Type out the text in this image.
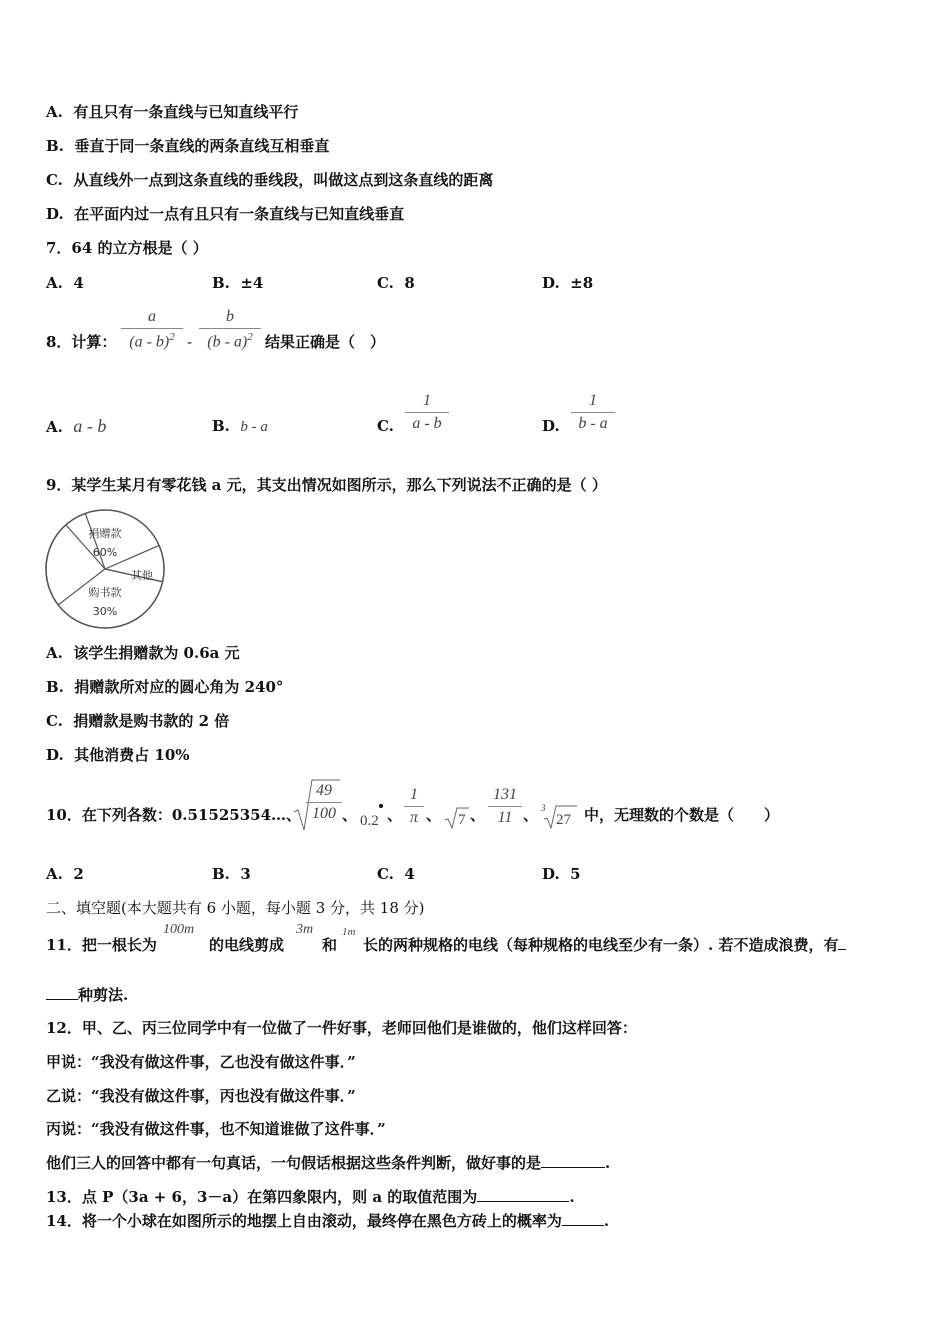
A. 有且只有一条直线与已知直线平行
B. 垂直于同一条直线的两条直线互相垂直
C. 从直线外一点到这条直线的垂线段，叫做这点到这条直线的距离
D. 在平面内过一点有且只有一条直线与已知直线垂直
7．64 的立方根是（ ）
A. 4	B. ±4	C. 8	D. ±8
8．计算： $\frac{a}{(a - b)^2} - \frac{b}{(b - a)^2}$ 结果正确是（　）
A. a - b	B. b - a	C. $\frac{1}{a - b}$	D. $\frac{1}{b - a}$
9．某学生某月有零花钱 a 元，其支出情况如图所示，那么下列说法不正确的是（ ）
捐赠款
60%
购书款
30%
其他
A. 该学生捐赠款为 0.6a 元
B. 捐赠款所对应的圆心角为 240°
C. 捐赠款是购书款的 2 倍
D. 其他消费占 10%
10．在下列各数：0.51525354…、 $\frac{49}{100}$ 、 0.2 、 $\frac{1}{\pi}$ 、 7 、 $\frac{131}{11}$ 、 3
27 中，无理数的个数是（　　）
A. 2	B. 3	C. 4	D. 5
二、填空题(本大题共有 6 小题，每小题 3 分，共 18 分)
11．把一根长为
100m
的电线剪成
3m
和
1m
长的两种规格的电线（每种规格的电线至少有一条）. 若不造成浪费，有
种剪法.
12．甲、乙、丙三位同学中有一位做了一件好事，老师回他们是谁做的，他们这样回答：
甲说：“我没有做这件事，乙也没有做这件事．”
乙说：“我没有做这件事，丙也没有做这件事．”
丙说：“我没有做这件事，也不知道谁做了这件事．”
他们三人的回答中都有一句真话，一句假话根据这些条件判断，做好事的是	.
13．点 P（3a + 6，3－a）在第四象限内，则 a 的取值范围为	.
14．将一个小球在如图所示的地摆上自由滚动，最终停在黑色方砖上的概率为	.
